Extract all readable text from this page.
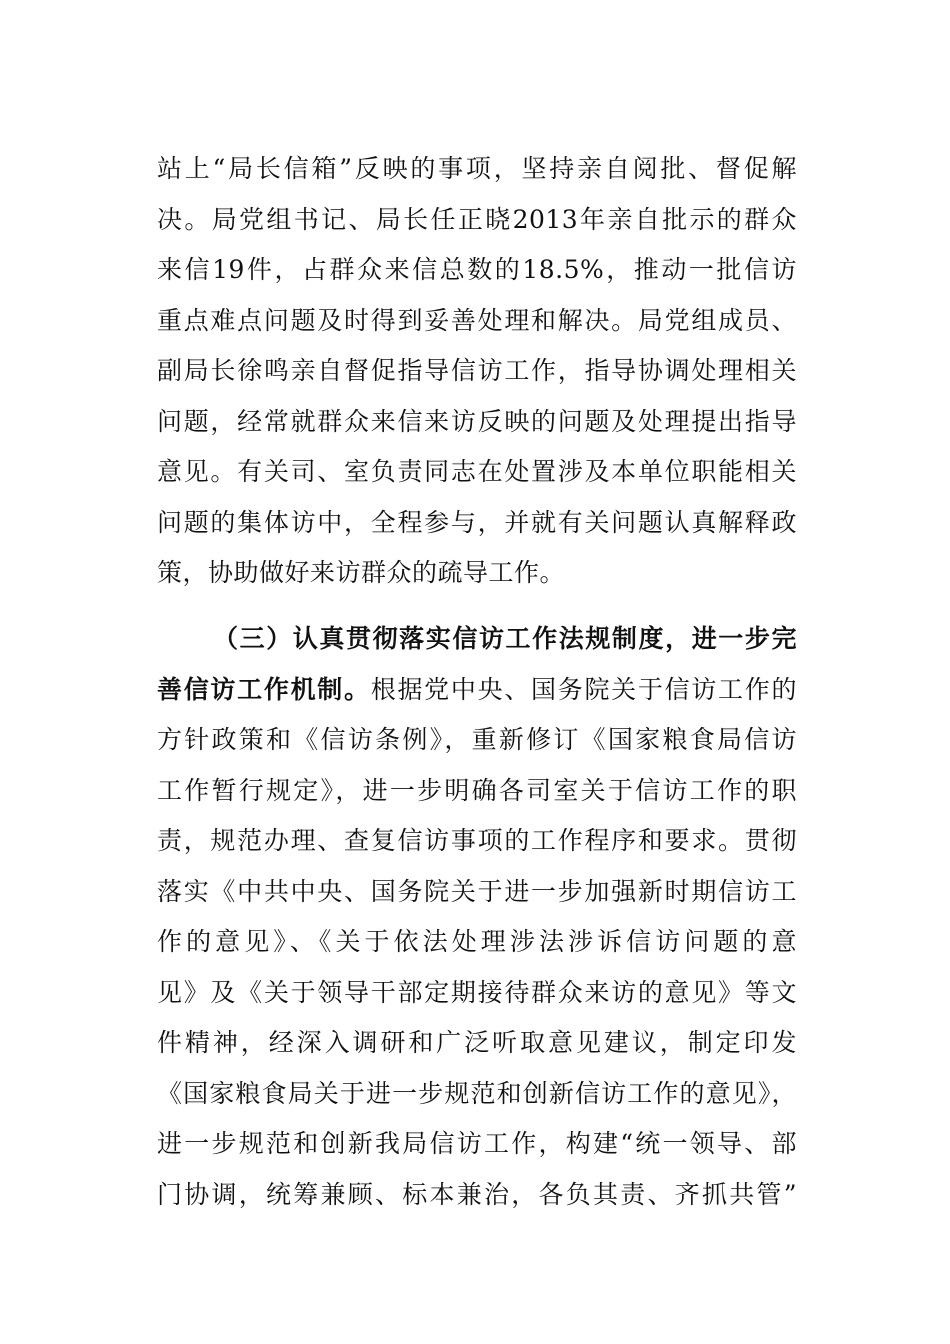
站上“局长信箱”反映的事项，坚持亲自阅批、督促解
决。局党组书记、局长任正晓2013年亲自批示的群众
来信19件，占群众来信总数的18.5%，推动一批信访
重点难点问题及时得到妥善处理和解决。局党组成员、
副局长徐鸣亲自督促指导信访工作，指导协调处理相关
问题，经常就群众来信来访反映的问题及处理提出指导
意见。有关司、室负责同志在处置涉及本单位职能相关
问题的集体访中，全程参与，并就有关问题认真解释政
策，协助做好来访群众的疏导工作。
（三）认真贯彻落实信访工作法规制度，进一步完
善信访工作机制。根据党中央、国务院关于信访工作的
方针政策和《信访条例》，重新修订《国家粮食局信访
工作暂行规定》，进一步明确各司室关于信访工作的职
责，规范办理、查复信访事项的工作程序和要求。贯彻
落实《中共中央、国务院关于进一步加强新时期信访工
作的意见》、《关于依法处理涉法涉诉信访问题的意
见》及《关于领导干部定期接待群众来访的意见》等文
件精神，经深入调研和广泛听取意见建议，制定印发
《国家粮食局关于进一步规范和创新信访工作的意见》，
进一步规范和创新我局信访工作，构建“统一领导、部
门协调，统筹兼顾、标本兼治，各负其责、齐抓共管”
